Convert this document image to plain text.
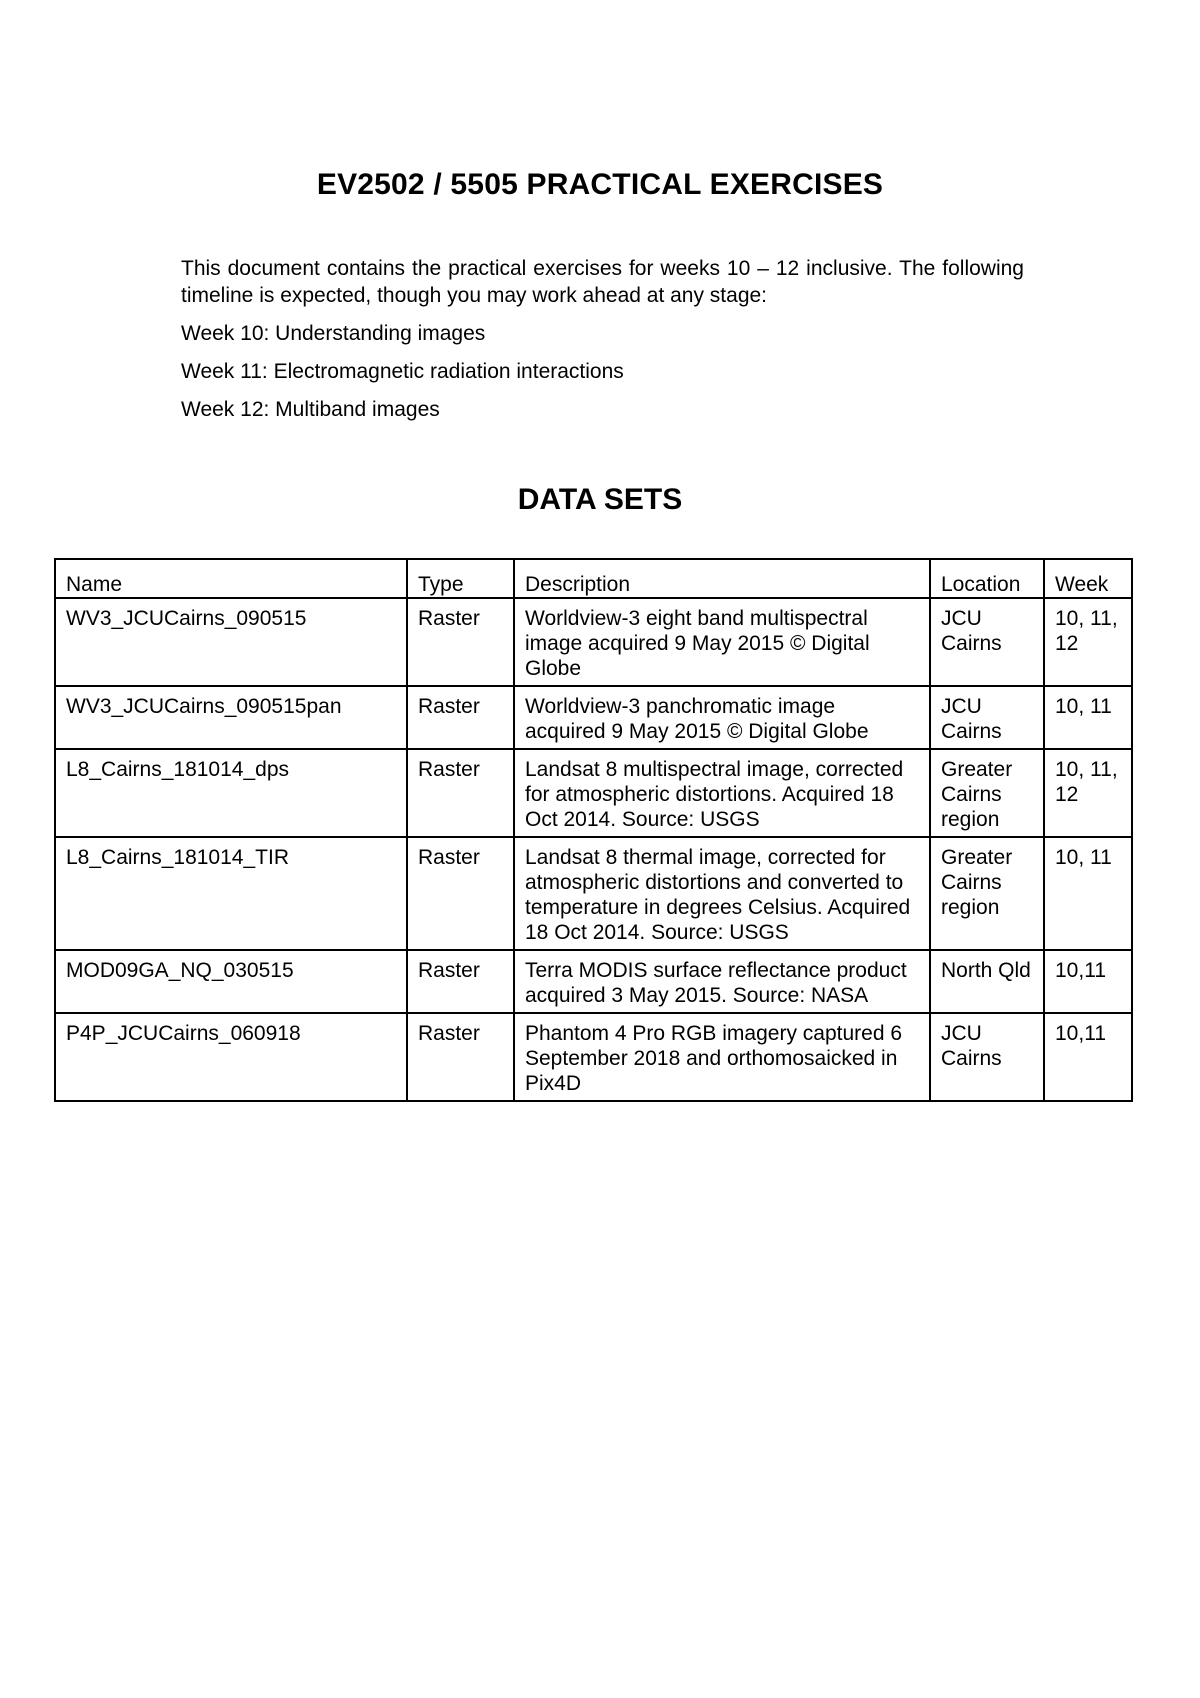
EV2502 / 5505 PRACTICAL EXERCISES

This document contains the practical exercises for weeks 10 – 12 inclusive. The following timeline is expected, though you may work ahead at any stage:

Week 10: Understanding images

Week 11: Electromagnetic radiation interactions

Week 12: Multiband images

DATA SETS
Name	Type	Description	Location	Week
WV3_JCUCairns_090515	Raster	Worldview-3 eight band multispectral image acquired 9 May 2015 © Digital Globe	JCU Cairns	10, 11, 12
WV3_JCUCairns_090515pan	Raster	Worldview-3 panchromatic image acquired 9 May 2015 © Digital Globe	JCU Cairns	10, 11
L8_Cairns_181014_dps	Raster	Landsat 8 multispectral image, corrected for atmospheric distortions. Acquired 18 Oct 2014. Source: USGS	Greater Cairns region	10, 11, 12
L8_Cairns_181014_TIR	Raster	Landsat 8 thermal image, corrected for atmospheric distortions and converted to temperature in degrees Celsius. Acquired 18 Oct 2014. Source: USGS	Greater Cairns region	10, 11
MOD09GA_NQ_030515	Raster	Terra MODIS surface reflectance product acquired 3 May 2015. Source: NASA	North Qld	10,11
P4P_JCUCairns_060918	Raster	Phantom 4 Pro RGB imagery captured 6 September 2018 and orthomosaicked in Pix4D	JCU Cairns	10,11
